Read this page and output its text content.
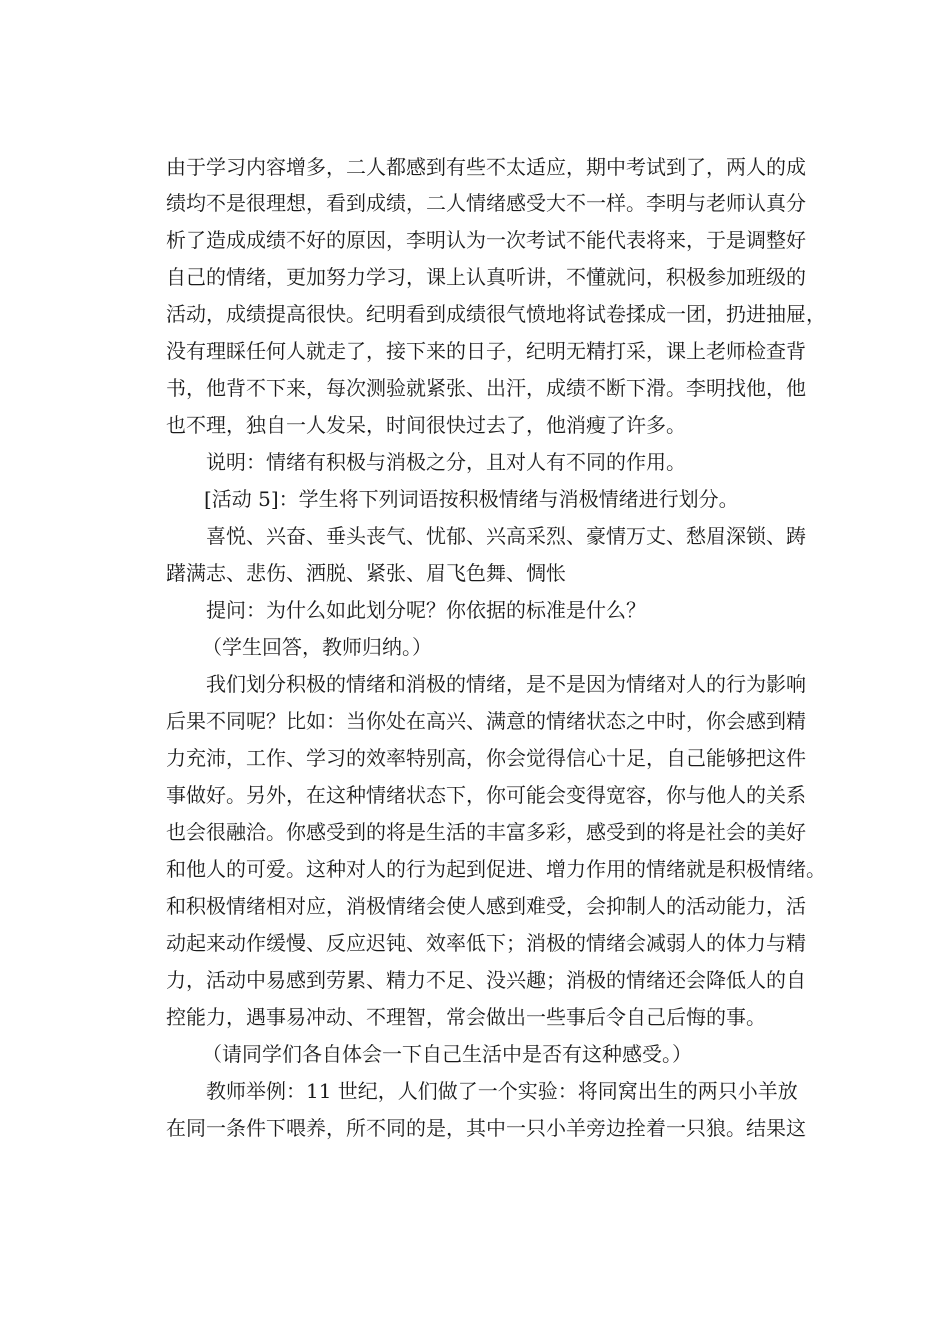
由于学习内容增多，二人都感到有些不太适应，期中考试到了，两人的成
绩均不是很理想，看到成绩，二人情绪感受大不一样。李明与老师认真分
析了造成成绩不好的原因，李明认为一次考试不能代表将来，于是调整好
自己的情绪，更加努力学习，课上认真听讲，不懂就问，积极参加班级的
活动，成绩提高很快。纪明看到成绩很气愤地将试卷揉成一团，扔进抽屉，
没有理睬任何人就走了，接下来的日子，纪明无精打采，课上老师检查背
书，他背不下来，每次测验就紧张、出汗，成绩不断下滑。李明找他，他
也不理，独自一人发呆，时间很快过去了，他消瘦了许多。
说明：情绪有积极与消极之分，且对人有不同的作用。
[活动 5]：学生将下列词语按积极情绪与消极情绪进行划分。
喜悦、兴奋、垂头丧气、忧郁、兴高采烈、豪情万丈、愁眉深锁、踌
躇满志、悲伤、洒脱、紧张、眉飞色舞、惆怅
提问：为什么如此划分呢？你依据的标准是什么？
（学生回答，教师归纳。）
我们划分积极的情绪和消极的情绪，是不是因为情绪对人的行为影响
后果不同呢？比如：当你处在高兴、满意的情绪状态之中时，你会感到精
力充沛，工作、学习的效率特别高，你会觉得信心十足，自己能够把这件
事做好。另外，在这种情绪状态下，你可能会变得宽容，你与他人的关系
也会很融洽。你感受到的将是生活的丰富多彩，感受到的将是社会的美好
和他人的可爱。这种对人的行为起到促进、增力作用的情绪就是积极情绪。
和积极情绪相对应，消极情绪会使人感到难受，会抑制人的活动能力，活
动起来动作缓慢、反应迟钝、效率低下；消极的情绪会减弱人的体力与精
力，活动中易感到劳累、精力不足、没兴趣；消极的情绪还会降低人的自
控能力，遇事易冲动、不理智，常会做出一些事后令自己后悔的事。
（请同学们各自体会一下自己生活中是否有这种感受。）
教师举例：11 世纪，人们做了一个实验：将同窝出生的两只小羊放
在同一条件下喂养，所不同的是，其中一只小羊旁边拴着一只狼。结果这
